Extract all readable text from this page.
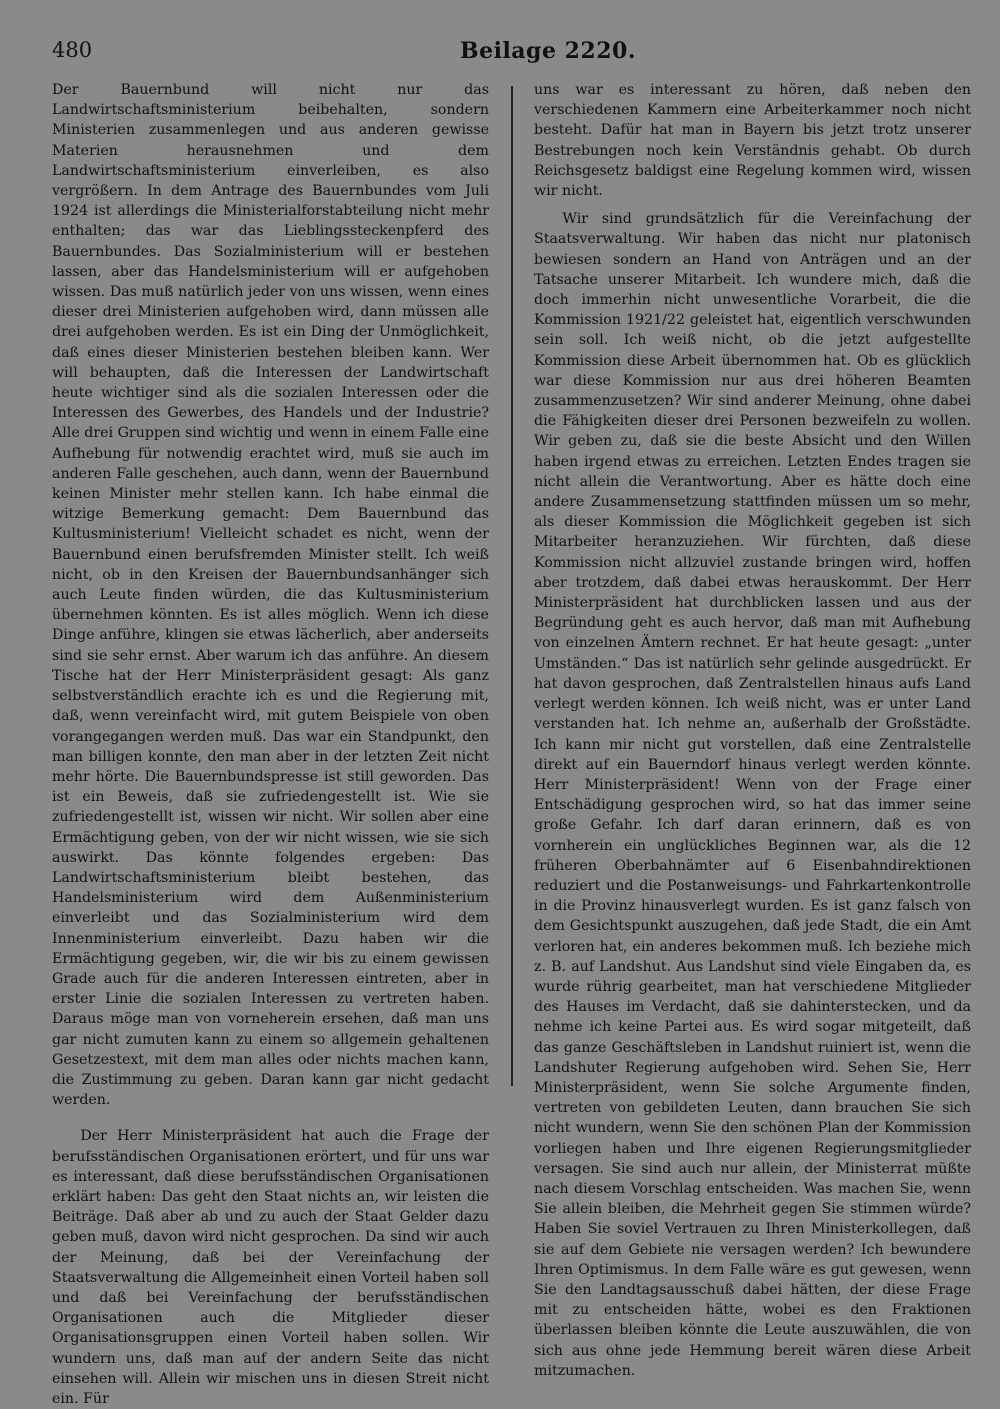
480	Beilage 2220.

Der Bauernbund will nicht nur das Landwirtschaftsministerium beibehalten, sondern Ministerien zusammenlegen und aus anderen gewisse Materien herausnehmen und dem Landwirtschaftsministerium einverleiben, es also vergrößern. In dem Antrage des Bauernbundes vom Juli 1924 ist allerdings die Ministerialforstabteilung nicht mehr enthalten; das war das Lieblingssteckenpferd des Bauernbundes. Das Sozialministerium will er bestehen lassen, aber das Handelsministerium will er aufgehoben wissen. Das muß natürlich jeder von uns wissen, wenn eines dieser drei Ministerien aufgehoben wird, dann müssen alle drei aufgehoben werden. Es ist ein Ding der Unmöglichkeit, daß eines dieser Ministerien bestehen bleiben kann. Wer will behaupten, daß die Interessen der Landwirtschaft heute wichtiger sind als die sozialen Interessen oder die Interessen des Gewerbes, des Handels und der Industrie? Alle drei Gruppen sind wichtig und wenn in einem Falle eine Aufhebung für notwendig erachtet wird, muß sie auch im anderen Falle geschehen, auch dann, wenn der Bauernbund keinen Minister mehr stellen kann. Ich habe einmal die witzige Bemerkung gemacht: Dem Bauernbund das Kultusministerium! Vielleicht schadet es nicht, wenn der Bauernbund einen berufsfremden Minister stellt. Ich weiß nicht, ob in den Kreisen der Bauernbundsanhänger sich auch Leute finden würden, die das Kultusministerium übernehmen könnten. Es ist alles möglich. Wenn ich diese Dinge anführe, klingen sie etwas lächerlich, aber anderseits sind sie sehr ernst. Aber warum ich das anführe. An diesem Tische hat der Herr Ministerpräsident gesagt: Als ganz selbstverständlich erachte ich es und die Regierung mit, daß, wenn vereinfacht wird, mit gutem Beispiele von oben vorangegangen werden muß. Das war ein Standpunkt, den man billigen konnte, den man aber in der letzten Zeit nicht mehr hörte. Die Bauernbundspresse ist still geworden. Das ist ein Beweis, daß sie zufriedengestellt ist. Wie sie zufriedengestellt ist, wissen wir nicht. Wir sollen aber eine Ermächtigung geben, von der wir nicht wissen, wie sie sich auswirkt. Das könnte folgendes ergeben: Das Landwirtschaftsministerium bleibt bestehen, das Handelsministerium wird dem Außenministerium einverleibt und das Sozialministerium wird dem Innenministerium einverleibt. Dazu haben wir die Ermächtigung gegeben, wir, die wir bis zu einem gewissen Grade auch für die anderen Interessen eintreten, aber in erster Linie die sozialen Interessen zu vertreten haben. Daraus möge man von vorneherein ersehen, daß man uns gar nicht zumuten kann zu einem so allgemein gehaltenen Gesetzestext, mit dem man alles oder nichts machen kann, die Zustimmung zu geben. Daran kann gar nicht gedacht werden.

Der Herr Ministerpräsident hat auch die Frage der berufsständischen Organisationen erörtert, und für uns war es interessant, daß diese berufsständischen Organisationen erklärt haben: Das geht den Staat nichts an, wir leisten die Beiträge. Daß aber ab und zu auch der Staat Gelder dazu geben muß, davon wird nicht gesprochen. Da sind wir auch der Meinung, daß bei der Vereinfachung der Staatsverwaltung die Allgemeinheit einen Vorteil haben soll und daß bei Vereinfachung der berufsständischen Organisationen auch die Mitglieder dieser Organisationsgruppen einen Vorteil haben sollen. Wir wundern uns, daß man auf der andern Seite das nicht einsehen will. Allein wir mischen uns in diesen Streit nicht ein. Für

uns war es interessant zu hören, daß neben den verschiedenen Kammern eine Arbeiterkammer noch nicht besteht. Dafür hat man in Bayern bis jetzt trotz unserer Bestrebungen noch kein Verständnis gehabt. Ob durch Reichsgesetz baldigst eine Regelung kommen wird, wissen wir nicht.

Wir sind grundsätzlich für die Vereinfachung der Staatsverwaltung. Wir haben das nicht nur platonisch bewiesen sondern an Hand von Anträgen und an der Tatsache unserer Mitarbeit. Ich wundere mich, daß die doch immerhin nicht unwesentliche Vorarbeit, die die Kommission 1921/22 geleistet hat, eigentlich verschwunden sein soll. Ich weiß nicht, ob die jetzt aufgestellte Kommission diese Arbeit übernommen hat. Ob es glücklich war diese Kommission nur aus drei höheren Beamten zusammenzusetzen? Wir sind anderer Meinung, ohne dabei die Fähigkeiten dieser drei Personen bezweifeln zu wollen. Wir geben zu, daß sie die beste Absicht und den Willen haben irgend etwas zu erreichen. Letzten Endes tragen sie nicht allein die Verantwortung. Aber es hätte doch eine andere Zusammensetzung stattfinden müssen um so mehr, als dieser Kommission die Möglichkeit gegeben ist sich Mitarbeiter heranzuziehen. Wir fürchten, daß diese Kommission nicht allzuviel zustande bringen wird, hoffen aber trotzdem, daß dabei etwas herauskommt. Der Herr Ministerpräsident hat durchblicken lassen und aus der Begründung geht es auch hervor, daß man mit Aufhebung von einzelnen Ämtern rechnet. Er hat heute gesagt: „unter Umständen.“ Das ist natürlich sehr gelinde ausgedrückt. Er hat davon gesprochen, daß Zentralstellen hinaus aufs Land verlegt werden können. Ich weiß nicht, was er unter Land verstanden hat. Ich nehme an, außerhalb der Großstädte. Ich kann mir nicht gut vorstellen, daß eine Zentralstelle direkt auf ein Bauerndorf hinaus verlegt werden könnte. Herr Ministerpräsident! Wenn von der Frage einer Entschädigung gesprochen wird, so hat das immer seine große Gefahr. Ich darf daran erinnern, daß es von vornherein ein unglückliches Beginnen war, als die 12 früheren Oberbahnämter auf 6 Eisenbahndirektionen reduziert und die Postanweisungs- und Fahrkartenkontrolle in die Provinz hinausverlegt wurden. Es ist ganz falsch von dem Gesichtspunkt auszugehen, daß jede Stadt, die ein Amt verloren hat, ein anderes bekommen muß. Ich beziehe mich z. B. auf Landshut. Aus Landshut sind viele Eingaben da, es wurde rührig gearbeitet, man hat verschiedene Mitglieder des Hauses im Verdacht, daß sie dahinterstecken, und da nehme ich keine Partei aus. Es wird sogar mitgeteilt, daß das ganze Geschäftsleben in Landshut ruiniert ist, wenn die Landshuter Regierung aufgehoben wird. Sehen Sie, Herr Ministerpräsident, wenn Sie solche Argumente finden, vertreten von gebildeten Leuten, dann brauchen Sie sich nicht wundern, wenn Sie den schönen Plan der Kommission vorliegen haben und Ihre eigenen Regierungsmitglieder versagen. Sie sind auch nur allein, der Ministerrat müßte nach diesem Vorschlag entscheiden. Was machen Sie, wenn Sie allein bleiben, die Mehrheit gegen Sie stimmen würde? Haben Sie soviel Vertrauen zu Ihren Ministerkollegen, daß sie auf dem Gebiete nie versagen werden? Ich bewundere Ihren Optimismus. In dem Falle wäre es gut gewesen, wenn Sie den Landtagsausschuß dabei hätten, der diese Frage mit zu entscheiden hätte, wobei es den Fraktionen überlassen bleiben könnte die Leute auszuwählen, die von sich aus ohne jede Hemmung bereit wären diese Arbeit mitzumachen.
